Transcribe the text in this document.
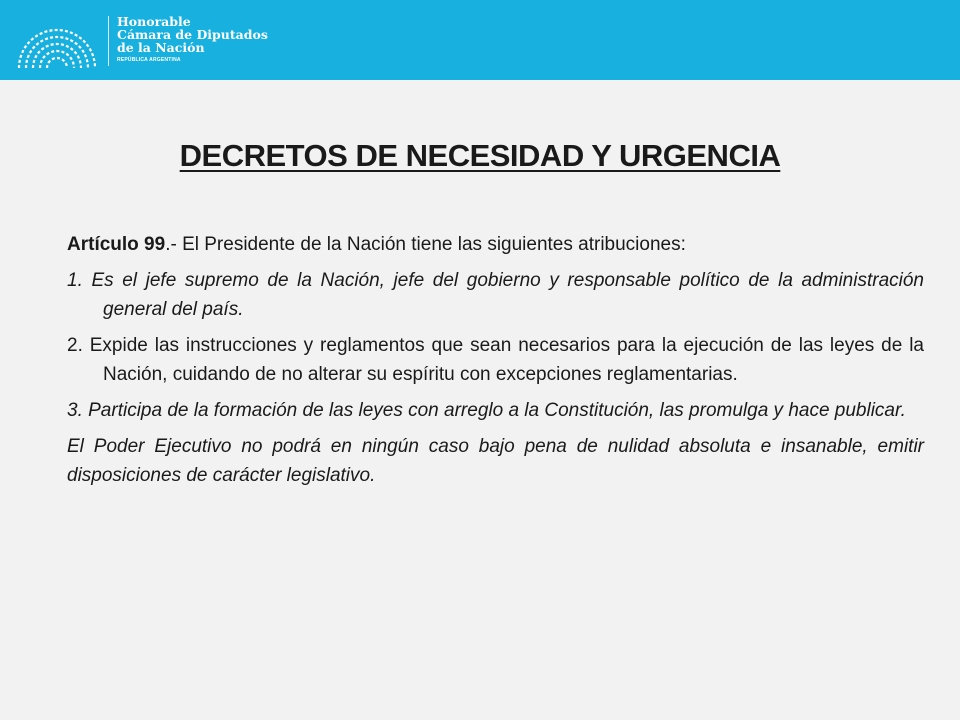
Honorable
Cámara de Diputados
de la Nación
REPÚBLICA ARGENTINA
DECRETOS DE NECESIDAD Y URGENCIA

Artículo 99.- El Presidente de la Nación tiene las siguientes atribuciones:

1. Es el jefe supremo de la Nación, jefe del gobierno y responsable político de la administración general del país.

2. Expide las instrucciones y reglamentos que sean necesarios para la ejecución de las leyes de la Nación, cuidando de no alterar su espíritu con excepciones reglamentarias.

3. Participa de la formación de las leyes con arreglo a la Constitución, las promulga y hace publicar.

El Poder Ejecutivo no podrá en ningún caso bajo pena de nulidad absoluta e insanable, emitir disposiciones de carácter legislativo.
